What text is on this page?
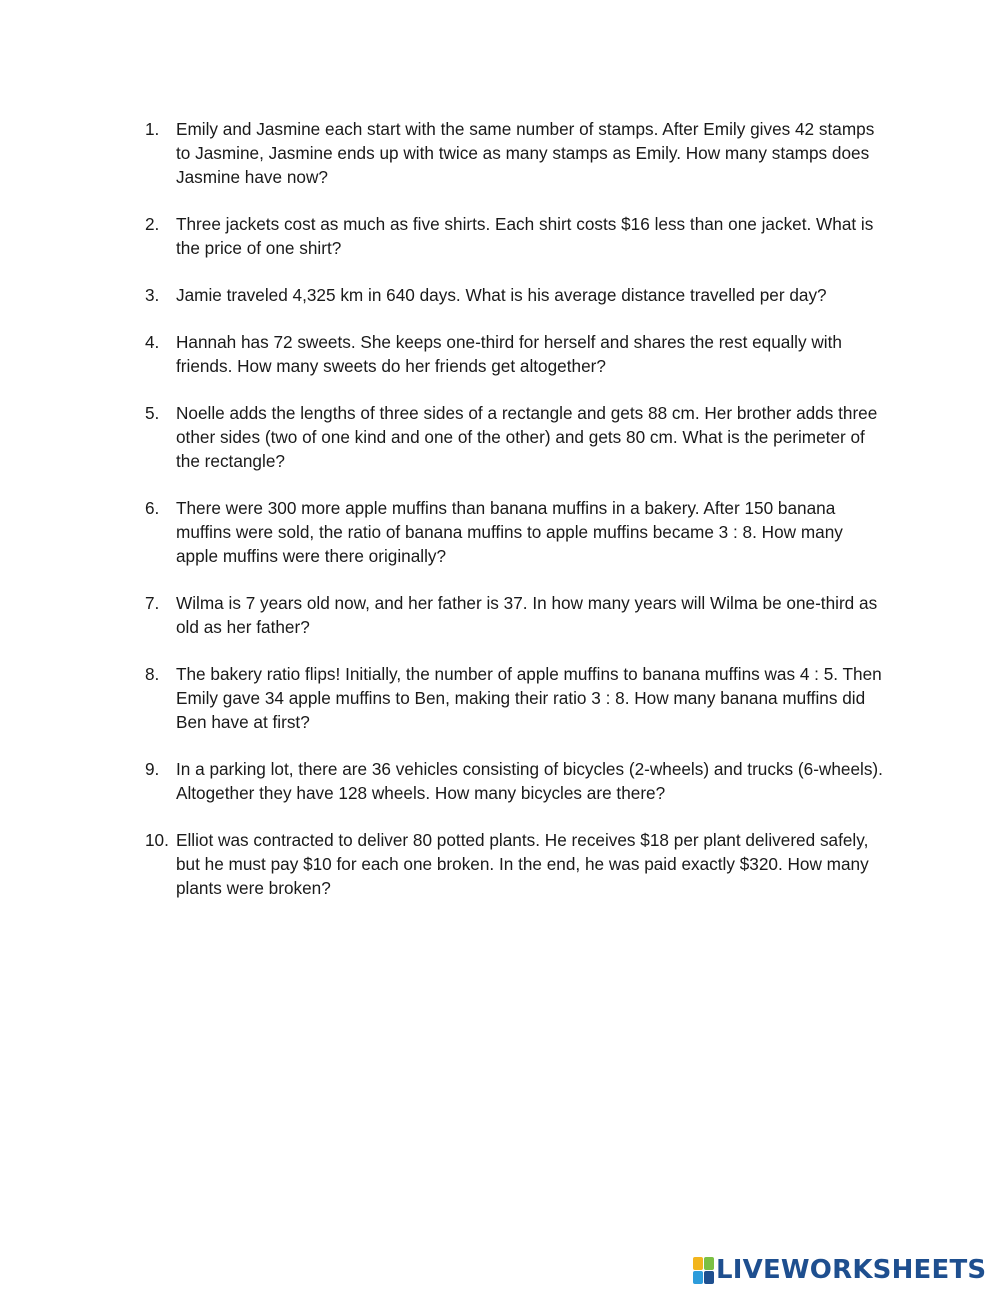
1. Emily and Jasmine each start with the same number of stamps. After Emily gives 42 stamps to Jasmine, Jasmine ends up with twice as many stamps as Emily. How many stamps does Jasmine have now?
2. Three jackets cost as much as five shirts. Each shirt costs $16 less than one jacket. What is the price of one shirt?
3. Jamie traveled 4,325 km in 640 days. What is his average distance travelled per day?
4. Hannah has 72 sweets. She keeps one-third for herself and shares the rest equally with friends. How many sweets do her friends get altogether?
5. Noelle adds the lengths of three sides of a rectangle and gets 88 cm. Her brother adds three other sides (two of one kind and one of the other) and gets 80 cm. What is the perimeter of the rectangle?
6. There were 300 more apple muffins than banana muffins in a bakery. After 150 banana muffins were sold, the ratio of banana muffins to apple muffins became 3 : 8. How many apple muffins were there originally?
7. Wilma is 7 years old now, and her father is 37. In how many years will Wilma be one-third as old as her father?
8. The bakery ratio flips! Initially, the number of apple muffins to banana muffins was 4 : 5. Then Emily gave 34 apple muffins to Ben, making their ratio 3 : 8. How many banana muffins did Ben have at first?
9. In a parking lot, there are 36 vehicles consisting of bicycles (2-wheels) and trucks (6-wheels). Altogether they have 128 wheels. How many bicycles are there?
10. Elliot was contracted to deliver 80 potted plants. He receives $18 per plant delivered safely, but he must pay $10 for each one broken. In the end, he was paid exactly $320. How many plants were broken?
LIVEWORKSHEETS
